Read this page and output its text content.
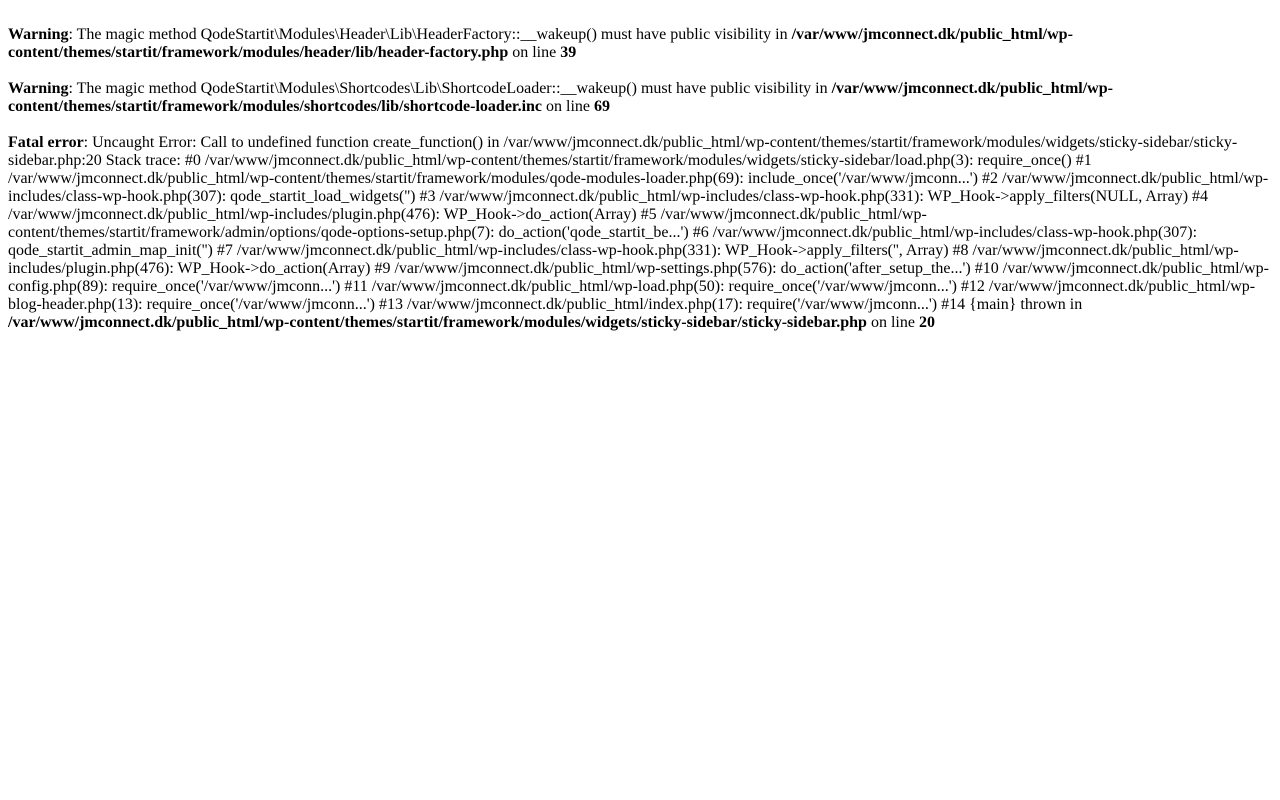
Warning: The magic method QodeStartit\Modules\Header\Lib\HeaderFactory::__wakeup() must have public visibility in /var/www/jmconnect.dk/public_html/wp-content/themes/startit/framework/modules/header/lib/header-factory.php on line 39
Warning: The magic method QodeStartit\Modules\Shortcodes\Lib\ShortcodeLoader::__wakeup() must have public visibility in /var/www/jmconnect.dk/public_html/wp-content/themes/startit/framework/modules/shortcodes/lib/shortcode-loader.inc on line 69
Fatal error: Uncaught Error: Call to undefined function create_function() in /var/www/jmconnect.dk/public_html/wp-content/themes/startit/framework/modules/widgets/sticky-sidebar/sticky-sidebar.php:20 Stack trace: #0 /var/www/jmconnect.dk/public_html/wp-content/themes/startit/framework/modules/widgets/sticky-sidebar/load.php(3): require_once() #1 /var/www/jmconnect.dk/public_html/wp-content/themes/startit/framework/modules/qode-modules-loader.php(69): include_once('/var/www/jmconn...') #2 /var/www/jmconnect.dk/public_html/wp-includes/class-wp-hook.php(307): qode_startit_load_widgets('') #3 /var/www/jmconnect.dk/public_html/wp-includes/class-wp-hook.php(331): WP_Hook->apply_filters(NULL, Array) #4 /var/www/jmconnect.dk/public_html/wp-includes/plugin.php(476): WP_Hook->do_action(Array) #5 /var/www/jmconnect.dk/public_html/wp-content/themes/startit/framework/admin/options/qode-options-setup.php(7): do_action('qode_startit_be...') #6 /var/www/jmconnect.dk/public_html/wp-includes/class-wp-hook.php(307): qode_startit_admin_map_init('') #7 /var/www/jmconnect.dk/public_html/wp-includes/class-wp-hook.php(331): WP_Hook->apply_filters('', Array) #8 /var/www/jmconnect.dk/public_html/wp-includes/plugin.php(476): WP_Hook->do_action(Array) #9 /var/www/jmconnect.dk/public_html/wp-settings.php(576): do_action('after_setup_the...') #10 /var/www/jmconnect.dk/public_html/wp-config.php(89): require_once('/var/www/jmconn...') #11 /var/www/jmconnect.dk/public_html/wp-load.php(50): require_once('/var/www/jmconn...') #12 /var/www/jmconnect.dk/public_html/wp-blog-header.php(13): require_once('/var/www/jmconn...') #13 /var/www/jmconnect.dk/public_html/index.php(17): require('/var/www/jmconn...') #14 {main} thrown in /var/www/jmconnect.dk/public_html/wp-content/themes/startit/framework/modules/widgets/sticky-sidebar/sticky-sidebar.php on line 20
